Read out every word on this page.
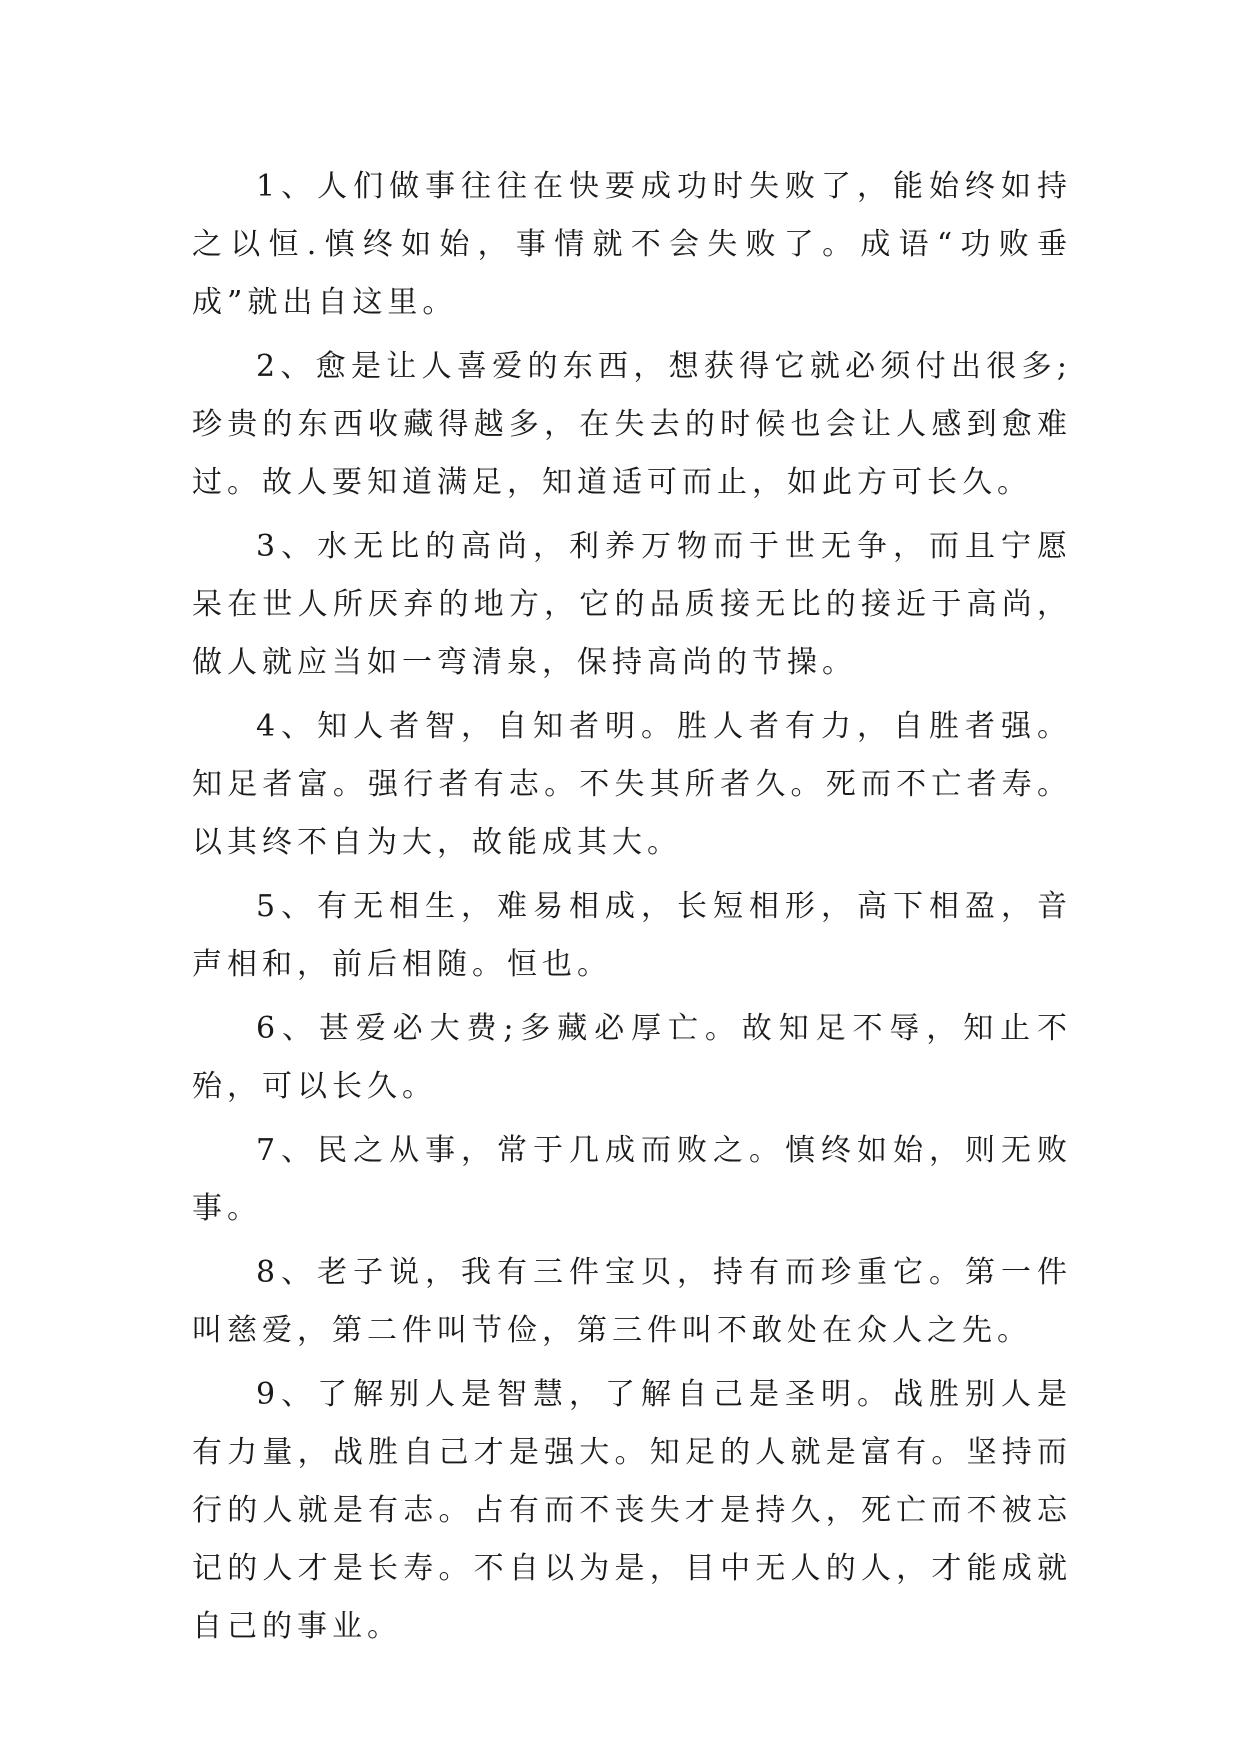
1、人们做事往往在快要成功时失败了，能始终如持之以恒.慎终如始，事情就不会失败了。成语“功败垂成”就出自这里。

2、愈是让人喜爱的东西，想获得它就必须付出很多;珍贵的东西收藏得越多，在失去的时候也会让人感到愈难过。故人要知道满足，知道适可而止，如此方可长久。

3、水无比的高尚，利养万物而于世无争，而且宁愿呆在世人所厌弃的地方，它的品质接无比的接近于高尚，做人就应当如一弯清泉，保持高尚的节操。

4、知人者智，自知者明。胜人者有力，自胜者强。知足者富。强行者有志。不失其所者久。死而不亡者寿。以其终不自为大，故能成其大。

5、有无相生，难易相成，长短相形，高下相盈，音声相和，前后相随。恒也。

6、甚爱必大费;多藏必厚亡。故知足不辱，知止不殆，可以长久。

7、民之从事，常于几成而败之。慎终如始，则无败事。

8、老子说，我有三件宝贝，持有而珍重它。第一件叫慈爱，第二件叫节俭，第三件叫不敢处在众人之先。

9、了解别人是智慧，了解自己是圣明。战胜别人是有力量，战胜自己才是强大。知足的人就是富有。坚持而行的人就是有志。占有而不丧失才是持久，死亡而不被忘记的人才是长寿。不自以为是，目中无人的人，才能成就自己的事业。
